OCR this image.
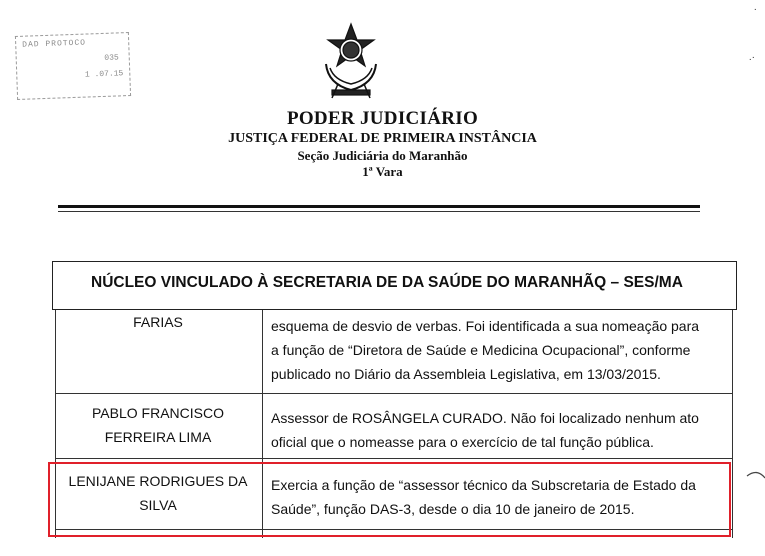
DAD PROTOCO
035
1 .07.15
PODER JUDICIÁRIO
JUSTIÇA FEDERAL DE PRIMEIRA INSTÂNCIA
Seção Judiciária do Maranhão
1ª Vara
NÚCLEO VINCULADO À SECRETARIA DE DA SAÚDE DO MARANHÃQ – SES/MA
FARIAS	esquema de desvio de verbas. Foi identificada a sua nomeação para
a função de “Diretora de Saúde e Medicina Ocupacional”, conforme
publicado no Diário da Assembleia Legislativa, em 13/03/2015.
PABLO FRANCISCO
FERREIRA LIMA
Assessor de ROSÂNGELA CURADO. Não foi localizado nenhum ato
oficial que o nomeasse para o exercício de tal função pública.
LENIJANE RODRIGUES DA
SILVA
Exercia a função de “assessor técnico da Subscretaria de Estado da
Saúde”, função DAS-3, desde o dia 10 de janeiro de 2015.
·
.·
